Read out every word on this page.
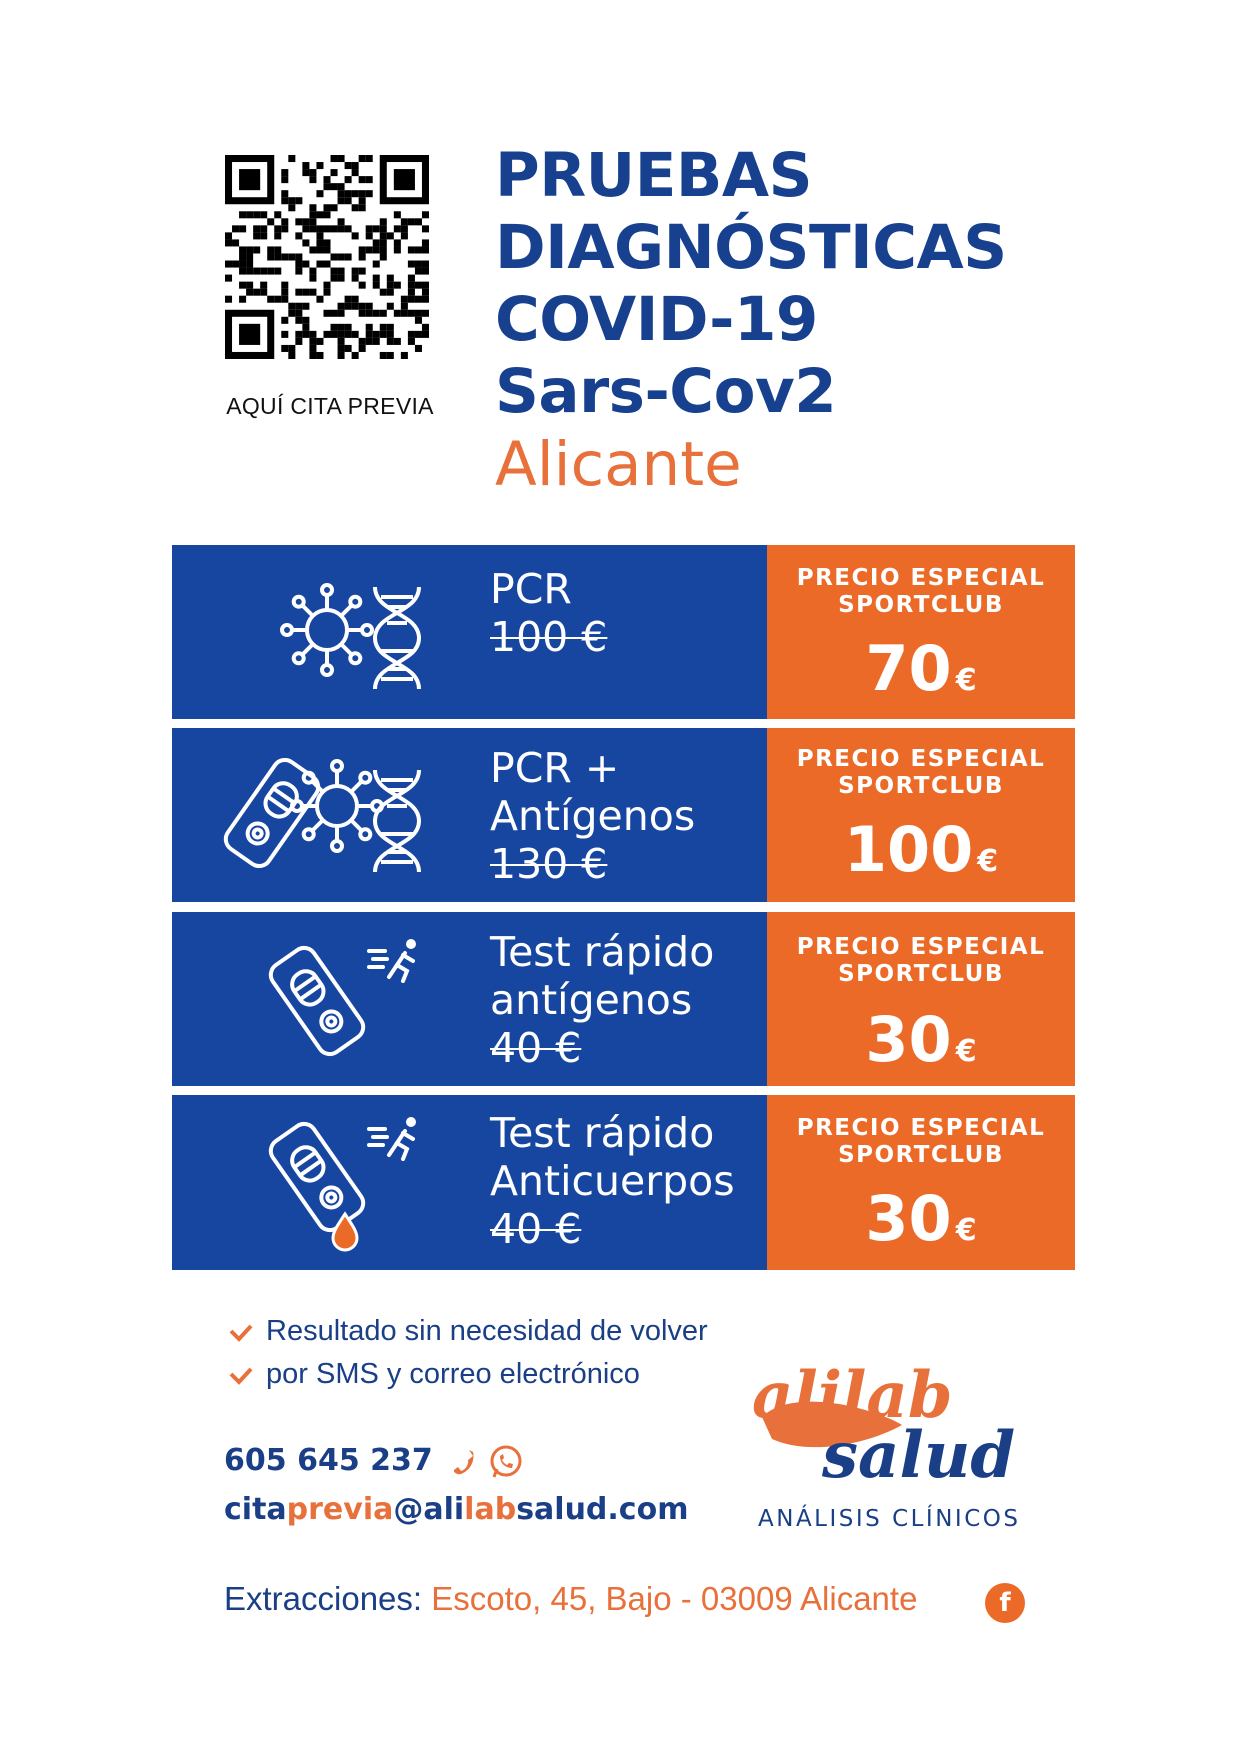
AQUÍ CITA PREVIA
PRUEBAS
DIAGNÓSTICAS
COVID-19
Sars-Cov2
Alicante
PCR
100 €
PRECIO ESPECIAL
SPORTCLUB
70 €
PCR +
Antígenos
130 €
PRECIO ESPECIAL
SPORTCLUB
100 €
Test rápido
antígenos
40 €
PRECIO ESPECIAL
SPORTCLUB
30 €
Test rápido
Anticuerpos
40 €
PRECIO ESPECIAL
SPORTCLUB
30 €
Resultado sin necesidad de volver
por SMS y correo electrónico
605 645 237
citaprevia@alilabsalud.com
alilab
salud
ANÁLISIS CLÍNICOS
Extracciones: Escoto, 45, Bajo - 03009 Alicante	f
